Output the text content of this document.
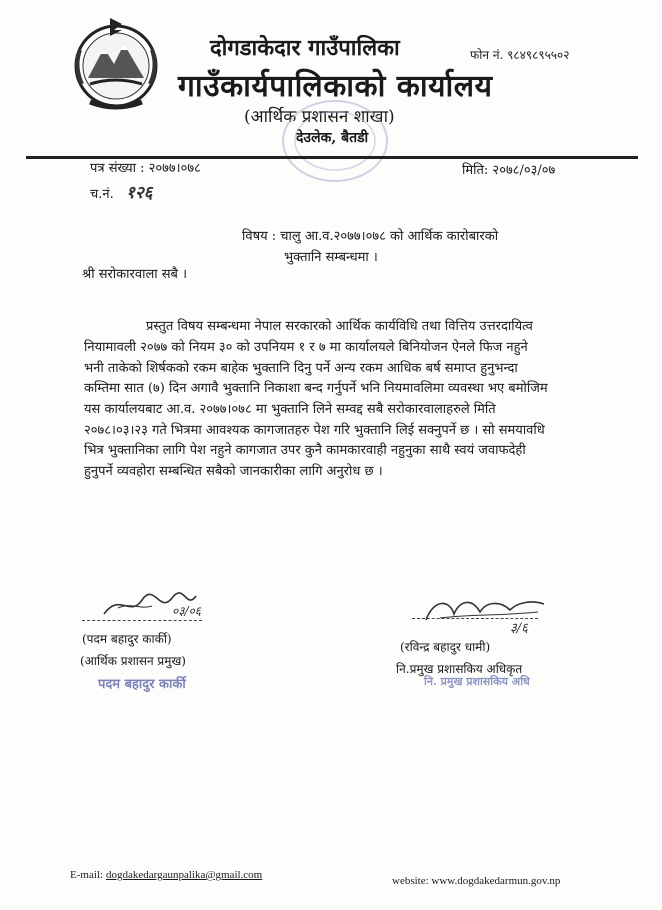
दोगडाकेदार गाउँपालिका	फोन नं. ९८४९८९५५०२
गाउँकार्यपालिकाको कार्यालय
(आर्थिक प्रशासन शाखा)
देउलेक, बैतडी
पत्र संख्या : २०७७।०७८	मिति: २०७८/०३/०७
च.नं. १२६
विषय : चालु आ.व.२०७७।०७८ को आर्थिक कारोबारको
भुक्तानि सम्बन्धमा ।
श्री सरोकारवाला सबै ।
प्रस्तुत विषय सम्बन्धमा नेपाल सरकारको आर्थिक कार्यविधि तथा वित्तिय उत्तरदायित्व
नियामावली २०७७ को नियम ३० को उपनियम १ र ७ मा कार्यालयले बिनियोजन ऐनले फिज नहुने
भनी ताकेको शिर्षकको रकम बाहेक भुक्तानि दिनु पर्ने अन्य रकम आधिक बर्ष समाप्त हुनुभन्दा
कम्तिमा सात (७) दिन अगावै भुक्तानि निकाशा बन्द गर्नुपर्ने भनि नियमावलिमा व्यवस्था भए बमोजिम
यस कार्यालयबाट आ.व. २०७७।०७८ मा भुक्तानि लिने सम्वद्द सबै सरोकारवालाहरुले मिति
२०७८।०३।२३ गते भित्रमा आवश्यक कागजातहरु पेश गरि भुक्तानि लिई सक्नुपर्ने छ । सो समयावधि
भित्र भुक्तानिका लागि पेश नहुने कागजात उपर कुनै कामकारवाही नहुनुका साथै स्वयं जवाफदेही
हुनुपर्ने व्यवहोरा सम्बन्धित सबैको जानकारीका लागि अनुरोध छ ।
०३/०६
(पदम बहादुर कार्की)
(आर्थिक प्रशासन प्रमुख)
पदम बहादुर कार्की
३/६
(रविन्द्र बहादुर धामी)
नि.प्रमुख प्रशासकिय अधिकृत
नि. प्रमुख प्रशासकिय अधि
E-mail: dogdakedargaunpalika@gmail.com	website: www.dogdakedarmun.gov.np
